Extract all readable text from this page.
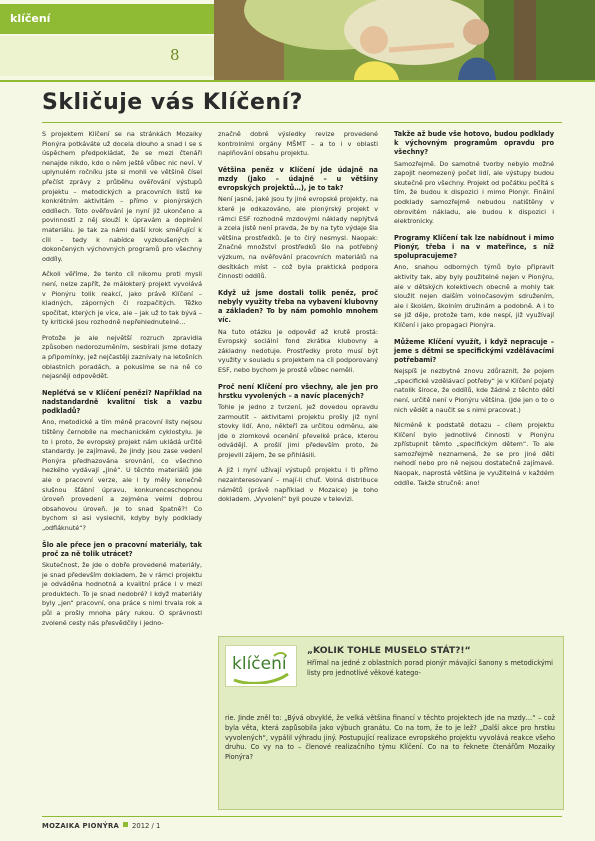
klíčení
8
Skličuje vás Klíčení?

S projektem Klíčení se na stránkách Mozaiky Pionýra potkáváte už docela dlouho a snad i se s úspěchem předpokládat, že se mezi čtenáři nenajde nikdo, kdo o něm ještě vůbec nic neví. V uplynulém ročníku jste si mohli ve většině čísel přečíst zprávy z průběhu ověřování výstupů projektu – metodických a pracovních listů ke konkrétním aktivitám – přímo v pionýrských oddílech. Toto ověřování je nyní již ukončeno a povinností z něj slouží k úpravám a doplnění materiálu. Je tak za námi další krok směřující k cíli – tedy k nabídce vyzkoušených a dokončených výchovných programů pro všechny oddíly.

Ačkoli věříme, že tento cíl nikomu proti mysli není, nelze zapřít, že málokterý projekt vyvolává v Pionýru tolik reakcí, jako právě Klíčení – kladných, záporných či rozpačitých. Těžko spočítat, kterých je více, ale – jak už to tak bývá – ty kritické jsou rozhodně nepřehlednutelné…

Protože je ale největší rozruch zpravidla způsoben nedorozuměním, sesbírali jsme dotazy a připomínky, jež nejčastěji zaznívaly na letošních oblastních poradách, a pokusíme se na ně co nejasněji odpovědět.

Nepléťvá se v Klíčení penězi? Například na nadstandardně kvalitní tisk a vazbu podkladů?

Ano, metodické a tím méně pracovní listy nejsou tištěny černobíle na mechanickém cyklostylu. Je to i proto, že evropský projekt nám ukládá určité standardy. Je zajímavé, že jindy jsou zase vedení Pionýra předhazována srovnání, co všechno hezkého vydávají „jiné“. U těchto materiálů jde ale o pracovní verze, ale i ty měly konečně slušnou šťábní úpravu, konkurenceschopnou úroveň provedení a zejména velmi dobrou obsahovou úroveň. Je to snad špatně?! Co bychom si asi vyslechli, kdyby byly podklady „odfláknuté“?

Šlo ale přece jen o pracovní materiály, tak proč za ně tolik utrácet?

Skutečnost, že jde o dobře provedené materiály, je snad především dokladem, že v rámci projektu je odváděna hodnotná a kvalitní práce i v mezi produktech. To je snad nedobré? I když materiály byly „jen“ pracovní, ona práce s nimi trvala rok a půl a prošly mnoha páry rukou. O správnosti zvolené cesty nás přesvědčily i jedno-

značně dobré výsledky revize provedené kontrolními orgány MŠMT – a to i v oblasti naplňování obsahu projektu.

Většina peněz v Klíčení jde údajně na mzdy (jako – údajně – u většiny evropských projektů…), je to tak?

Není jasné, jaké jsou ty jiné evropské projekty, na které je odkazováno, ale pionýrský projekt v rámci ESF rozhodně mzdovými náklady neplýtvá a zcela jistě není pravda, že by na tyto výdaje šla většina prostředků. Je to čirý nesmysl. Naopak: Značné množství prostředků šlo na potřebný výzkum, na ověřování pracovních materiálů na desítkách míst – což byla praktická podpora činnosti oddílů.

Když už jsme dostali tolik peněz, proč nebyly využity třeba na vybavení klubovny a základen? To by nám pomohlo mnohem víc.

Na tuto otázku je odpověď až krutě prostá: Evropský sociální fond zkrátka klubovny a základny nedotuje. Prostředky proto musí být využity v souladu s projektem na cíl podporovaný ESF, nebo bychom je prostě vůbec neměli.

Proč není Klíčení pro všechny, ale jen pro hrstku vyvolených – a navíc placených?

Tohle je jedno z tvrzení, jež dovedou opravdu zarmoutit – aktivitami projektu prošly již nyní stovky lidí. Ano, někteří za určitou odměnu, ale jde o zlomkové ocenění převelké práce, kterou odvádějí. A prošlí jimi především proto, že projevili zájem, že se přihlásili.

A již i nyní užívají výstupů projektu i ti přímo nezainteresovaní – mají-li chuť. Volná distribuce námětů (právě například v Mozaice) je toho dokladem. „Vyvolení“ byli pouze v televizi.

Takže až bude vše hotovo, budou podklady k výchovným programům opravdu pro všechny?

Samozřejmě. Do samotné tvorby nebylo možné zapojit neomezený počet lidí, ale výstupy budou skutečně pro všechny. Projekt od počátku počítá s tím, že budou k dispozici i mimo Pionýr. Finální podklady samozřejmě nebudou natištěny v obrovitém nákladu, ale budou k dispozici i elektronicky.

Programy Klíčení tak lze nabídnout i mimo Pionýr, třeba i na v mateřince, s níž spolupracujeme?

Ano, snahou odborných týmů bylo připravit aktivity tak, aby byly použitelné nejen v Pionýru, ale v dětských kolektivech obecně a mohly tak sloužit nejen dalším volnočasovým sdružením, ale i školám, školním družinám a podobně. A i to se již děje, protože tam, kde nespí, již využívají Klíčení i jako propagaci Pionýra.

Můžeme Klíčení využít, i když nepracuje – jeme s dětmi se specifickými vzdělávacími potřebami?

Nejspíš je nezbytné znovu zdůraznit, že pojem „specifické vzdělávací potřeby“ je v Klíčení pojatý natolik široce, že oddílů, kde žádné z těchto dětí není, určitě není v Pionýru většina. (Jde jen o to o nich vědět a naučit se s nimi pracovat.)

Nicméně k podstatě dotazu – cílem projektu Klíčení bylo jednotlivé činnosti v Pionýru zpřístupnit těmto „specifickým dětem“. To ale samozřejmě neznamená, že se pro jiné děti nehodí nebo pro ně nejsou dostatečně zajímavé. Naopak, naprostá většina je využitelná v každém oddíle. Takže stručně: ano!

klíčení
„KOLIK TOHLE MUSELO STÁT?!“
Hřímal na jedné z oblastních porad pionýr mávající šanony s metodickými listy pro jednotlivé věkové katego-
rie. Jinde zněl to: „Bývá obvyklé, že velká většina financí v těchto projektech jde na mzdy…“ – což byla věta, která zapůsobila jako výbuch granátu. Co na tom, že to je lež? „Další akce pro hrstku vyvolených“, vypálil výhradu jiný. Postupující realizace evropského projektu vyvolává reakce všeho druhu. Co vy na to – členové realizačního týmu Klíčení. Co na to řeknete čtenářům Mozaiky Pionýra?
MOZAIKA PIONÝRA 2012 / 1
